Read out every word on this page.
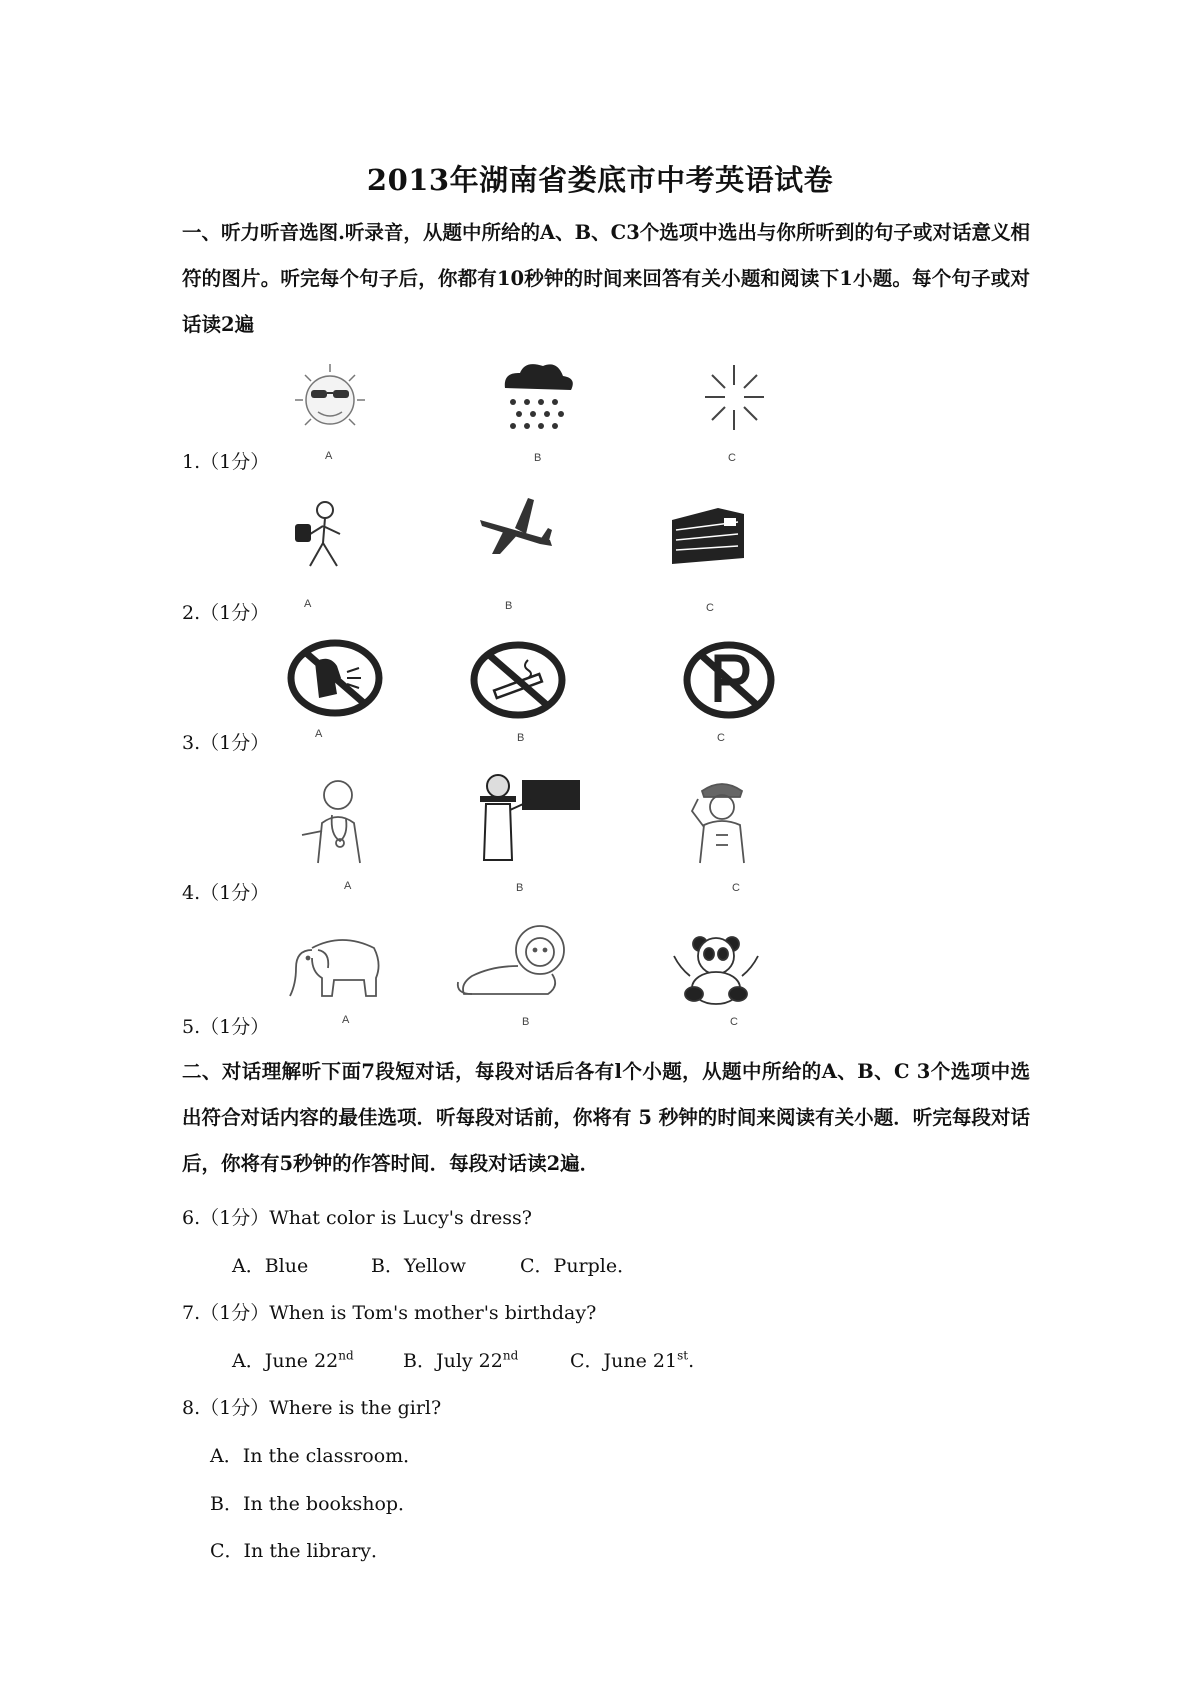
2013年湖南省娄底市中考英语试卷
一、听力听音选图.听录音，从题中所给的A、B、C3个选项中选出与你所听到的句子或对话意义相符的图片。听完每个句子后，你都有10秒钟的时间来回答有关小题和阅读下1小题。每个句子或对话读2遍
1.（1分）	A	B	C
2.（1分）	A	B	C
3.（1分）	A	B	C
4.（1分）	A	B	C
5.（1分）	A	B	C
二、对话理解听下面7段短对话，每段对话后各有l个小题，从题中所给的A、B、C 3个选项中选出符合对话内容的最佳选项．听每段对话前，你将有 5 秒钟的时间来阅读有关小题．听完每段对话后，你将有5秒钟的作答时间．每段对话读2遍．
6.（1分）What color is Lucy's dress?
A．Blue	B．Yellow	C．Purple．
7.（1分）When is Tom's mother's birthday?
A．June 22nd	B．July 22nd	C．June 21st.
8.（1分）Where is the girl?
A．In the classroom．
B．In the bookshop．
C．In the library．
